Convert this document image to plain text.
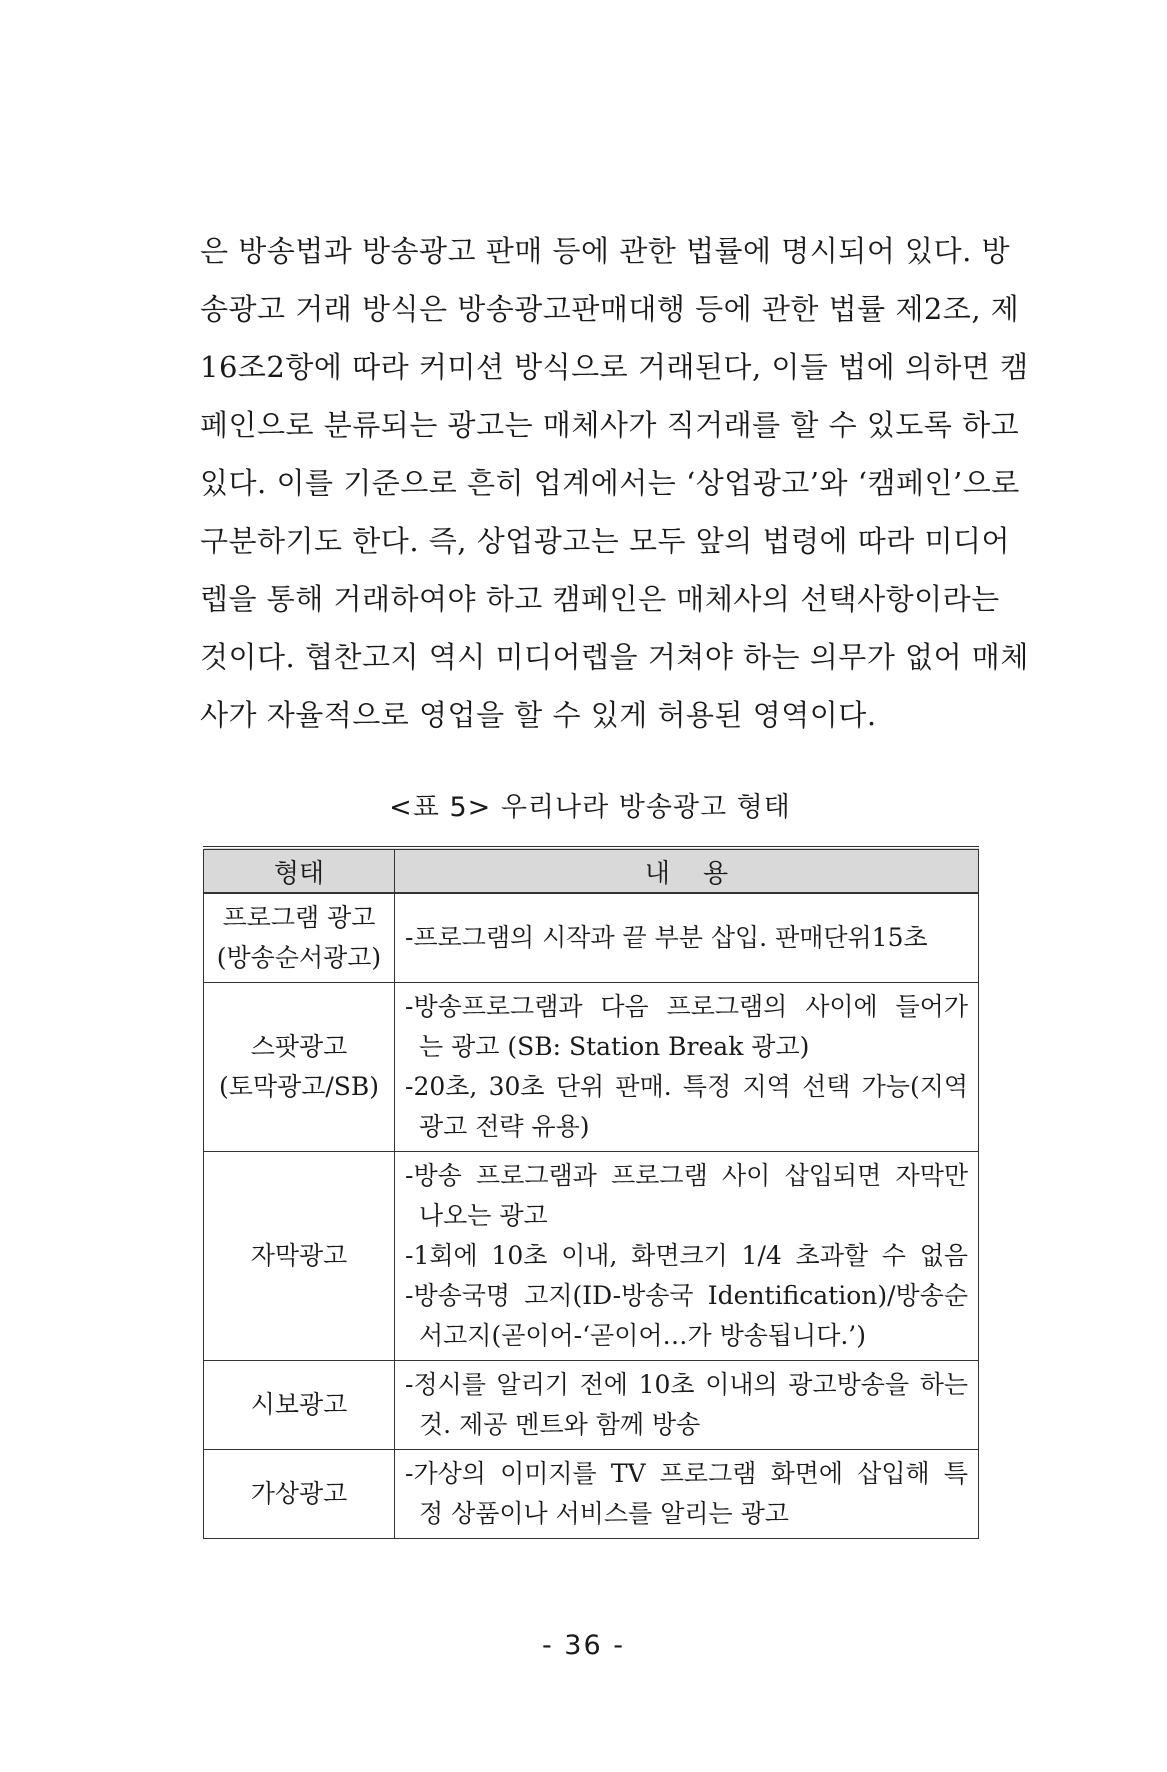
은 방송법과 방송광고 판매 등에 관한 법률에 명시되어 있다. 방
송광고 거래 방식은 방송광고판매대행 등에 관한 법률 제2조, 제
16조2항에 따라 커미션 방식으로 거래된다, 이들 법에 의하면 캠
페인으로 분류되는 광고는 매체사가 직거래를 할 수 있도록 하고
있다. 이를 기준으로 흔히 업계에서는 ‘상업광고’와 ‘캠페인’으로
구분하기도 한다. 즉, 상업광고는 모두 앞의 법령에 따라 미디어
렙을 통해 거래하여야 하고 캠페인은 매체사의 선택사항이라는
것이다. 협찬고지 역시 미디어렙을 거쳐야 하는 의무가 없어 매체
사가 자율적으로 영업을 할 수 있게 허용된 영역이다.
<표 5> 우리나라 방송광고 형태
형태	내    용

프로그램 광고
(방송순서광고)	-프로그램의 시작과 끝 부분 삽입. 판매단위15초

스팟광고
(토막광고/SB)	-방송프로그램과 다음 프로그램의 사이에 들어가
는 광고 (SB: Station Break 광고)
-20초, 30초 단위 판매. 특정 지역 선택 가능(지역
광고 전략 유용)

자막광고	-방송 프로그램과 프로그램 사이 삽입되면 자막만
나오는 광고
-1회에 10초 이내, 화면크기 1/4 초과할 수 없음
-방송국명 고지(ID-방송국 Identification)/방송순
서고지(곧이어-‘곧이어…가 방송됩니다.’)

시보광고	-정시를 알리기 전에 10초 이내의 광고방송을 하는
것. 제공 멘트와 함께 방송

가상광고	-가상의 이미지를 TV 프로그램 화면에 삽입해 특
정 상품이나 서비스를 알리는 광고
- 36 -
